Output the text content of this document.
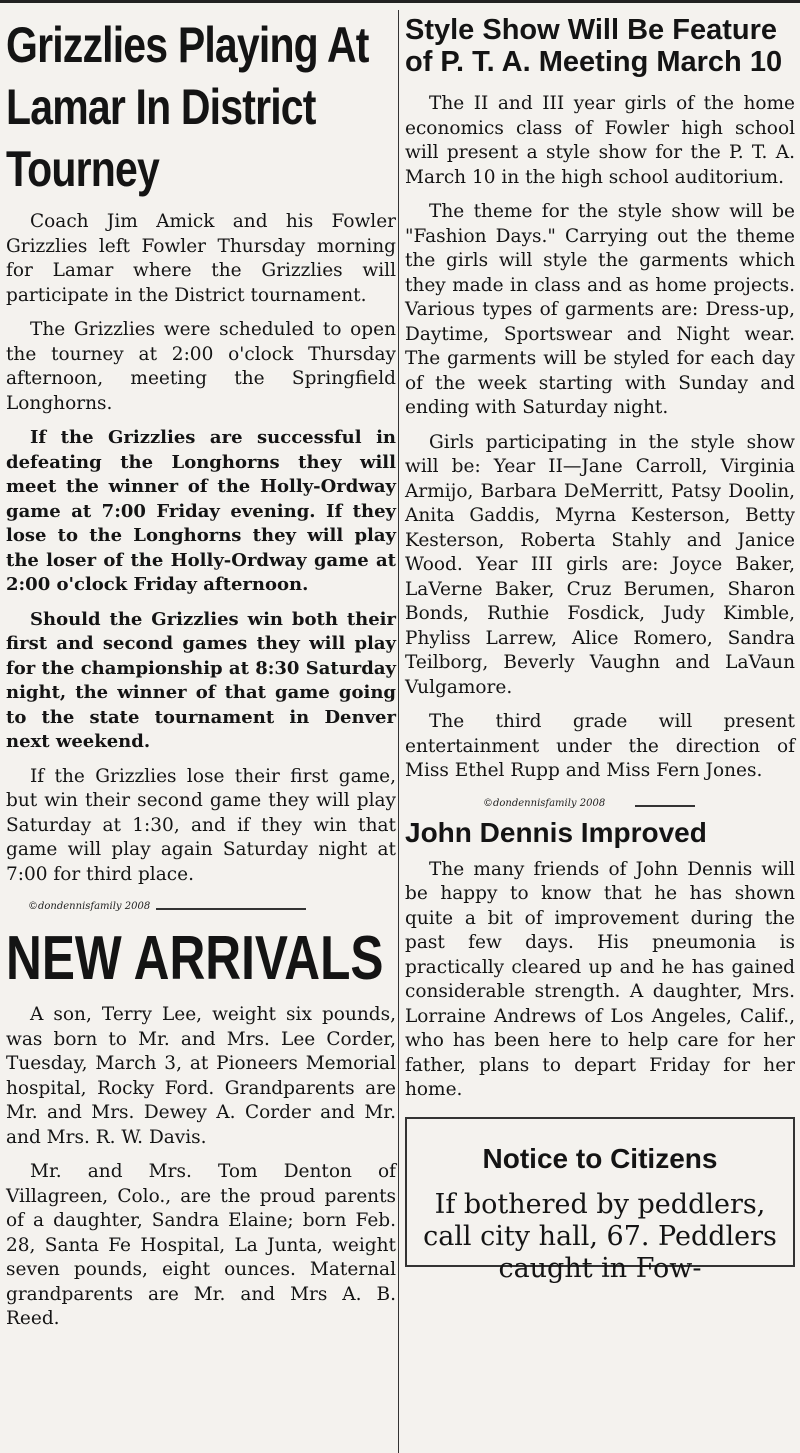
Grizzlies Playing At Lamar In District Tourney

Coach Jim Amick and his Fowler Grizzlies left Fowler Thursday morning for Lamar where the Grizzlies will participate in the District tournament.

The Grizzlies were scheduled to open the tourney at 2:00 o'clock Thursday afternoon, meeting the Springfield Longhorns.

If the Grizzlies are successful in defeating the Longhorns they will meet the winner of the Holly-Ordway game at 7:00 Friday evening. If they lose to the Longhorns they will play the loser of the Holly-Ordway game at 2:00 o'clock Friday afternoon.

Should the Grizzlies win both their first and second games they will play for the championship at 8:30 Saturday night, the winner of that game going to the state tournament in Denver next weekend.

If the Grizzlies lose their first game, but win their second game they will play Saturday at 1:30, and if they win that game will play again Saturday night at 7:00 for third place.

©dondennisfamily 2008
NEW ARRIVALS

A son, Terry Lee, weight six pounds, was born to Mr. and Mrs. Lee Corder, Tuesday, March 3, at Pioneers Memorial hospital, Rocky Ford. Grandparents are Mr. and Mrs. Dewey A. Corder and Mr. and Mrs. R. W. Davis.

Mr. and Mrs. Tom Denton of Villagreen, Colo., are the proud parents of a daughter, Sandra Elaine; born Feb. 28, Santa Fe Hospital, La Junta, weight seven pounds, eight ounces. Maternal grandparents are Mr. and Mrs A. B. Reed.

Style Show Will Be Feature of P. T. A. Meeting March 10

The II and III year girls of the home economics class of Fowler high school will present a style show for the P. T. A. March 10 in the high school auditorium.

The theme for the style show will be "Fashion Days." Carrying out the theme the girls will style the garments which they made in class and as home projects. Various types of garments are: Dress-up, Daytime, Sportswear and Night wear. The garments will be styled for each day of the week starting with Sunday and ending with Saturday night.

Girls participating in the style show will be: Year II—Jane Carroll, Virginia Armijo, Barbara DeMerritt, Patsy Doolin, Anita Gaddis, Myrna Kesterson, Betty Kesterson, Roberta Stahly and Janice Wood. Year III girls are: Joyce Baker, LaVerne Baker, Cruz Berumen, Sharon Bonds, Ruthie Fosdick, Judy Kimble, Phyliss Larrew, Alice Romero, Sandra Teilborg, Beverly Vaughn and LaVaun Vulgamore.

The third grade will present entertainment under the direction of Miss Ethel Rupp and Miss Fern Jones.

©dondennisfamily 2008
John Dennis Improved

The many friends of John Dennis will be happy to know that he has shown quite a bit of improvement during the past few days. His pneumonia is practically cleared up and he has gained considerable strength. A daughter, Mrs. Lorraine Andrews of Los Angeles, Calif., who has been here to help care for her father, plans to depart Friday for her home.

Notice to Citizens

If bothered by peddlers, call city hall, 67. Peddlers caught in Fow-
